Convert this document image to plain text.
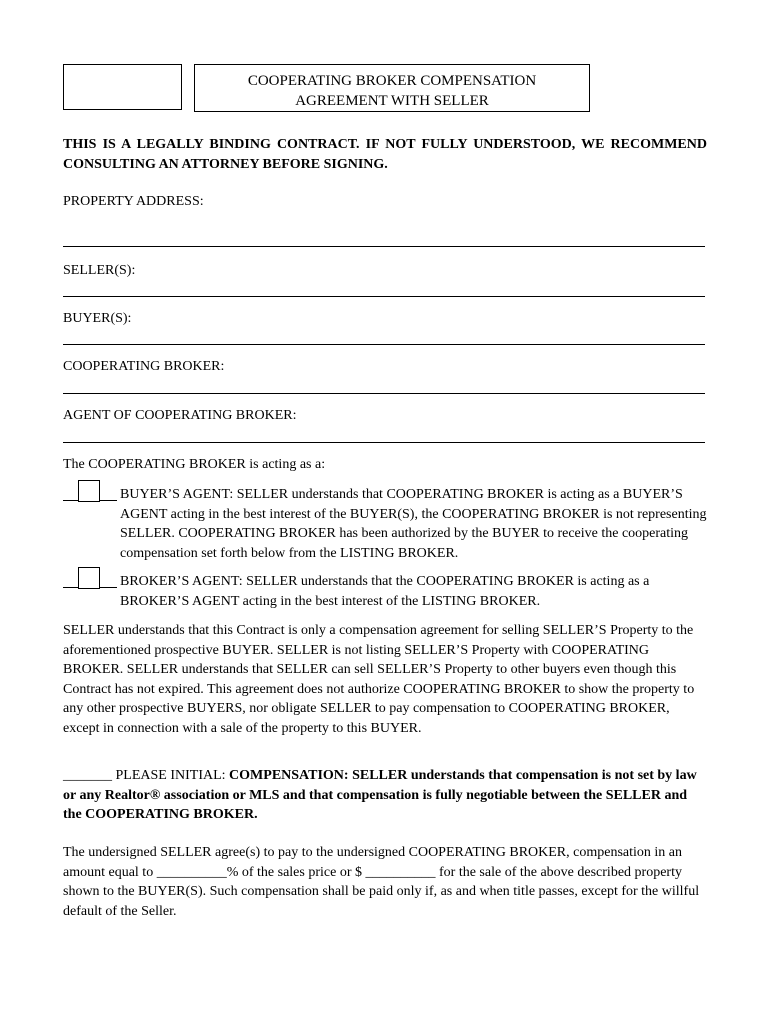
COOPERATING BROKER COMPENSATION
AGREEMENT WITH SELLER
THIS IS A LEGALLY BINDING CONTRACT. IF NOT FULLY UNDERSTOOD, WE RECOMMEND CONSULTING AN ATTORNEY BEFORE SIGNING.
PROPERTY ADDRESS:
SELLER(S):
BUYER(S):
COOPERATING BROKER:
AGENT OF COOPERATING BROKER:
The COOPERATING BROKER is acting as a:
BUYER’S AGENT: SELLER understands that COOPERATING BROKER is acting as a BUYER’S AGENT acting in the best interest of the BUYER(S), the COOPERATING BROKER is not representing SELLER. COOPERATING BROKER has been authorized by the BUYER to receive the cooperating compensation set forth below from the LISTING BROKER.
BROKER’S AGENT: SELLER understands that the COOPERATING BROKER is acting as a BROKER’S AGENT acting in the best interest of the LISTING BROKER.
SELLER understands that this Contract is only a compensation agreement for selling SELLER’S Property to the aforementioned prospective BUYER. SELLER is not listing SELLER’S Property with COOPERATING BROKER. SELLER understands that SELLER can sell SELLER’S Property to other buyers even though this Contract has not expired. This agreement does not authorize COOPERATING BROKER to show the property to any other prospective BUYERS, nor obligate SELLER to pay compensation to COOPERATING BROKER, except in connection with a sale of the property to this BUYER.
_______ PLEASE INITIAL: COMPENSATION: SELLER understands that compensation is not set by law or any Realtor® association or MLS and that compensation is fully negotiable between the SELLER and the COOPERATING BROKER.
The undersigned SELLER agree(s) to pay to the undersigned COOPERATING BROKER, compensation in an amount equal to __________% of the sales price or $ __________ for the sale of the above described property shown to the BUYER(S). Such compensation shall be paid only if, as and when title passes, except for the willful default of the Seller.
